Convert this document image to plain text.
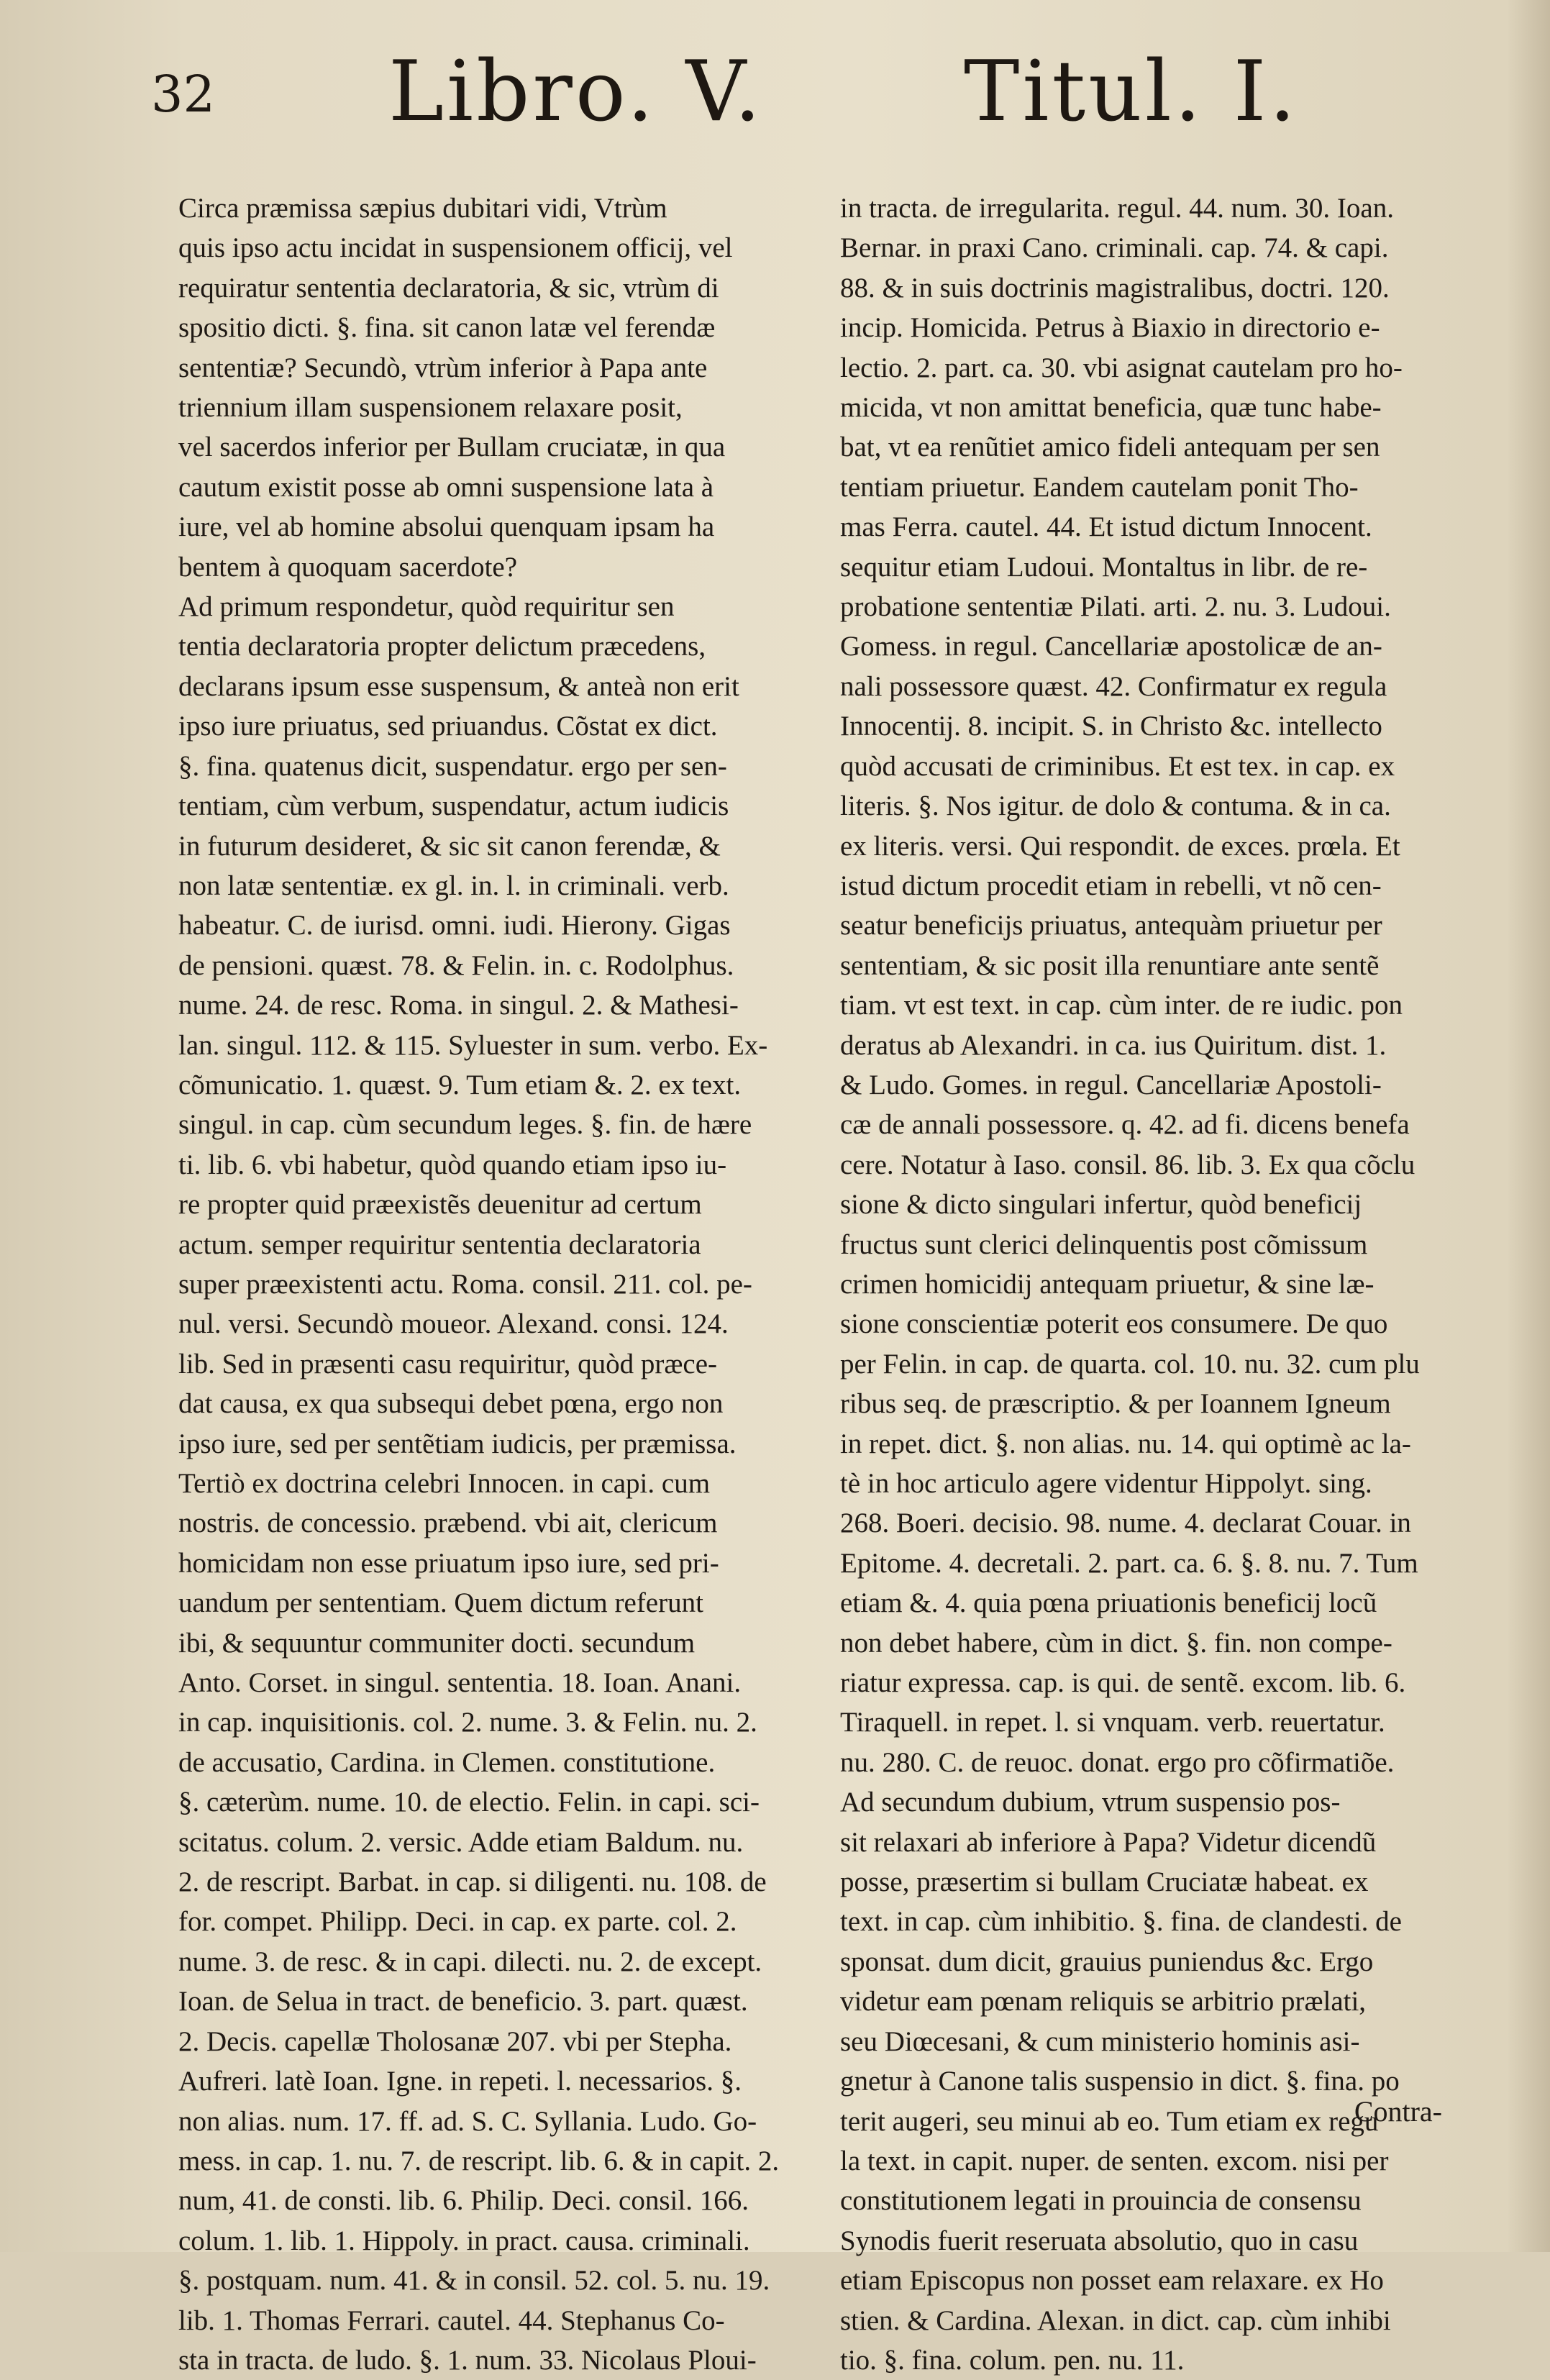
32 Libro. V. Titul. I.
Circa præmissa sæpius dubitari vidi, Vtrùm
quis ipso actu incidat in suspensionem officij, vel
requiratur sententia declaratoria, & sic, vtrùm di
spositio dicti. §. fina. sit canon latæ vel ferendæ
sententiæ? Secundò, vtrùm inferior à Papa ante
triennium illam suspensionem relaxare posit,
vel sacerdos inferior per Bullam cruciatæ, in qua
cautum existit posse ab omni suspensione lata à
iure, vel ab homine absolui quenquam ipsam ha
bentem à quoquam sacerdote?
Ad primum respondetur, quòd requiritur sen
tentia declaratoria propter delictum præcedens,
declarans ipsum esse suspensum, & anteà non erit
ipso iure priuatus, sed priuandus. Cõstat ex dict.
§. fina. quatenus dicit, suspendatur. ergo per sen-
tentiam, cùm verbum, suspendatur, actum iudicis
in futurum desideret, & sic sit canon ferendæ, &
non latæ sententiæ. ex gl. in. l. in criminali. verb.
habeatur. C. de iurisd. omni. iudi. Hierony. Gigas
de pensioni. quæst. 78. & Felin. in. c. Rodolphus.
nume. 24. de resc. Roma. in singul. 2. & Mathesi-
lan. singul. 112. & 115. Syluester in sum. verbo. Ex-
cõmunicatio. 1. quæst. 9. Tum etiam &. 2. ex text.
singul. in cap. cùm secundum leges. §. fin. de hære
ti. lib. 6. vbi habetur, quòd quando etiam ipso iu-
re propter quid præexistẽs deuenitur ad certum
actum. semper requiritur sententia declaratoria
super præexistenti actu. Roma. consil. 211. col. pe-
nul. versi. Secundò moueor. Alexand. consi. 124.
lib. Sed in præsenti casu requiritur, quòd præce-
dat causa, ex qua subsequi debet pœna, ergo non
ipso iure, sed per sentẽtiam iudicis, per præmissa.
Tertiò ex doctrina celebri Innocen. in capi. cum
nostris. de concessio. præbend. vbi ait, clericum
homicidam non esse priuatum ipso iure, sed pri-
uandum per sententiam. Quem dictum referunt
ibi, & sequuntur communiter docti. secundum
Anto. Corset. in singul. sententia. 18. Ioan. Anani.
in cap. inquisitionis. col. 2. nume. 3. & Felin. nu. 2.
de accusatio, Cardina. in Clemen. constitutione.
§. cæterùm. nume. 10. de electio. Felin. in capi. sci-
scitatus. colum. 2. versic. Adde etiam Baldum. nu.
2. de rescript. Barbat. in cap. si diligenti. nu. 108. de
for. compet. Philipp. Deci. in cap. ex parte. col. 2.
nume. 3. de resc. & in capi. dilecti. nu. 2. de except.
Ioan. de Selua in tract. de beneficio. 3. part. quæst.
2. Decis. capellæ Tholosanæ 207. vbi per Stepha.
Aufreri. latè Ioan. Igne. in repeti. l. necessarios. §.
non alias. num. 17. ff. ad. S. C. Syllania. Ludo. Go-
mess. in cap. 1. nu. 7. de rescript. lib. 6. & in capit. 2.
num, 41. de consti. lib. 6. Philip. Deci. consil. 166.
colum. 1. lib. 1. Hippoly. in pract. causa. criminali.
§. postquam. num. 41. & in consil. 52. col. 5. nu. 19.
lib. 1. Thomas Ferrari. cautel. 44. Stephanus Co-
sta in tracta. de ludo. §. 1. num. 33. Nicolaus Ploui-
in tracta. de irregularita. regul. 44. num. 30. Ioan.
Bernar. in praxi Cano. criminali. cap. 74. & capi.
88. & in suis doctrinis magistralibus, doctri. 120.
incip. Homicida. Petrus à Biaxio in directorio e-
lectio. 2. part. ca. 30. vbi asignat cautelam pro ho-
micida, vt non amittat beneficia, quæ tunc habe-
bat, vt ea renũtiet amico fideli antequam per sen
tentiam priuetur. Eandem cautelam ponit Tho-
mas Ferra. cautel. 44. Et istud dictum Innocent.
sequitur etiam Ludoui. Montaltus in libr. de re-
probatione sententiæ Pilati. arti. 2. nu. 3. Ludoui.
Gomess. in regul. Cancellariæ apostolicæ de an-
nali possessore quæst. 42. Confirmatur ex regula
Innocentij. 8. incipit. S. in Christo &c. intellecto
quòd accusati de criminibus. Et est tex. in cap. ex
literis. §. Nos igitur. de dolo & contuma. & in ca.
ex literis. versi. Qui respondit. de exces. prœla. Et
istud dictum procedit etiam in rebelli, vt nõ cen-
seatur beneficijs priuatus, antequàm priuetur per
sententiam, & sic posit illa renuntiare ante sentẽ
tiam. vt est text. in cap. cùm inter. de re iudic. pon
deratus ab Alexandri. in ca. ius Quiritum. dist. 1.
& Ludo. Gomes. in regul. Cancellariæ Apostoli-
cæ de annali possessore. q. 42. ad fi. dicens benefa
cere. Notatur à Iaso. consil. 86. lib. 3. Ex qua cõclu
sione & dicto singulari infertur, quòd beneficij
fructus sunt clerici delinquentis post cõmissum
crimen homicidij antequam priuetur, & sine læ-
sione conscientiæ poterit eos consumere. De quo
per Felin. in cap. de quarta. col. 10. nu. 32. cum plu
ribus seq. de præscriptio. & per Ioannem Igneum
in repet. dict. §. non alias. nu. 14. qui optimè ac la-
tè in hoc articulo agere videntur Hippolyt. sing.
268. Boeri. decisio. 98. nume. 4. declarat Couar. in
Epitome. 4. decretali. 2. part. ca. 6. §. 8. nu. 7. Tum
etiam &. 4. quia pœna priuationis beneficij locũ
non debet habere, cùm in dict. §. fin. non compe-
riatur expressa. cap. is qui. de sentẽ. excom. lib. 6.
Tiraquell. in repet. l. si vnquam. verb. reuertatur.
nu. 280. C. de reuoc. donat. ergo pro cõfirmatiõe.
Ad secundum dubium, vtrum suspensio pos-
sit relaxari ab inferiore à Papa? Videtur dicendũ
posse, præsertim si bullam Cruciatæ habeat. ex
text. in cap. cùm inhibitio. §. fina. de clandesti. de
sponsat. dum dicit, grauius puniendus &c. Ergo
videtur eam pœnam reliquis se arbitrio prælati,
seu Diœcesani, & cum ministerio hominis asi-
gnetur à Canone talis suspensio in dict. §. fina. po
terit augeri, seu minui ab eo. Tum etiam ex regu
la text. in capit. nuper. de senten. excom. nisi per
constitutionem legati in prouincia de consensu
Synodis fuerit reseruata absolutio, quo in casu
etiam Episcopus non posset eam relaxare. ex Ho
stien. & Cardina. Alexan. in dict. cap. cùm inhibi
tio. §. fina. colum. pen. nu. 11.
Contra-
